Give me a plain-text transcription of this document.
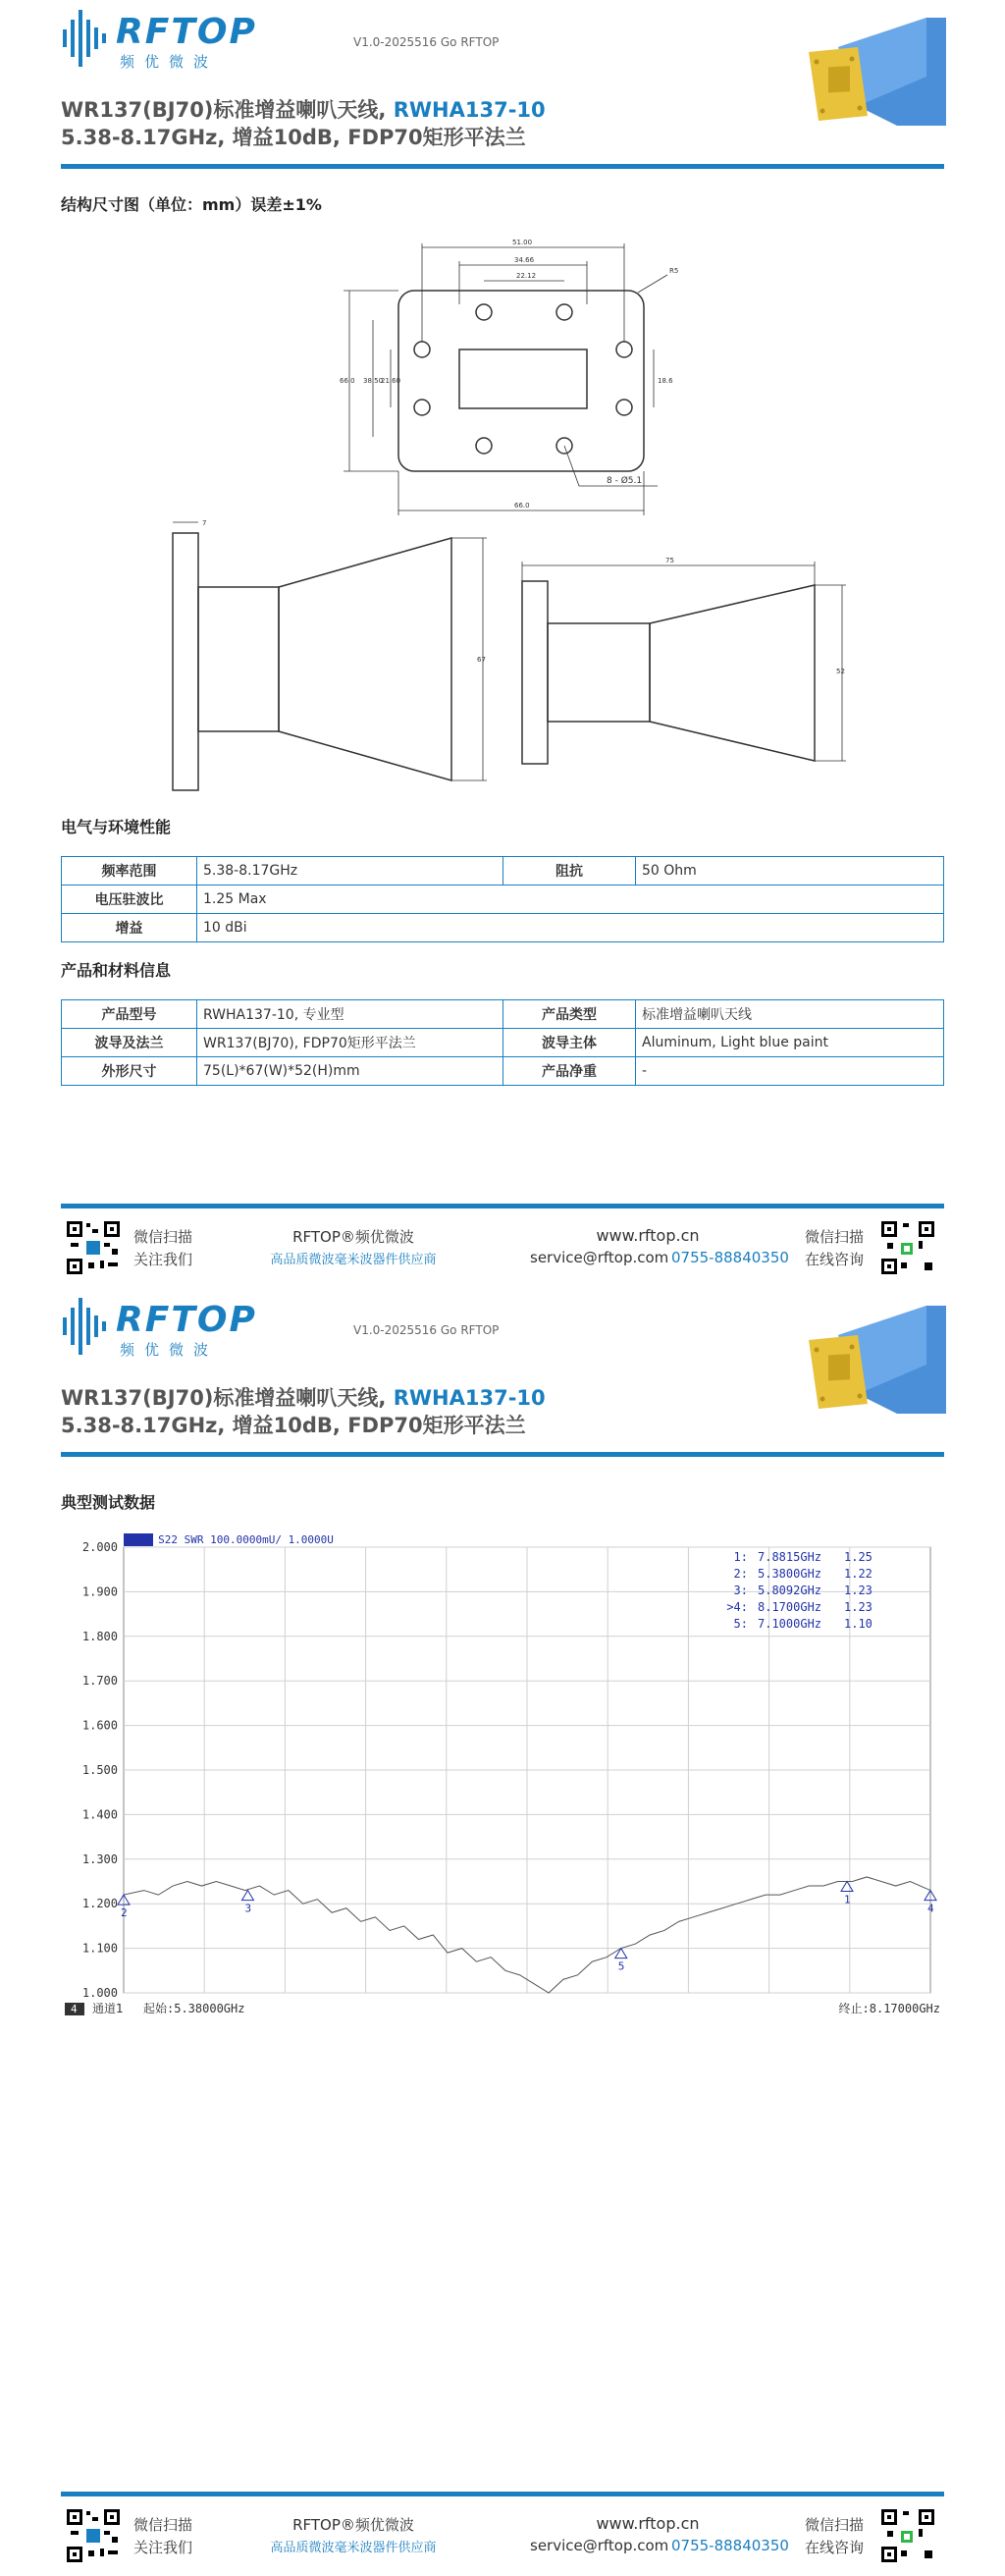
RFTOP
频优微波
V1.0-2025516 Go RFTOP
WR137(BJ70)标准增益喇叭天线, RWHA137-10
5.38-8.17GHz, 增益10dB, FDP70矩形平法兰
结构尺寸图（单位：mm）误差±1%
51.00
34.66
22.12
66.0 38.50
21.60	18.6
R5
8 - Ø5.1
66.0
7
67
75
52
电气与环境性能
频率范围	5.38-8.17GHz	阻抗	50 Ohm
电压驻波比	1.25 Max		
增益	10 dBi		
产品和材料信息
产品型号	RWHA137-10, 专业型	产品类型	标准增益喇叭天线
波导及法兰	WR137(BJ70), FDP70矩形平法兰	波导主体	Aluminum, Light blue paint
外形尺寸	75(L)*67(W)*52(H)mm	产品净重	-
微信扫描
关注我们
RFTOP®频优微波
高品质微波毫米波器件供应商
www.rftop.cn
service@rftop.com 0755-88840350
微信扫描
在线咨询
RFTOP
频优微波
V1.0-2025516 Go RFTOP
WR137(BJ70)标准增益喇叭天线, RWHA137-10
5.38-8.17GHz, 增益10dB, FDP70矩形平法兰
典型测试数据
微信扫描
关注我们
RFTOP®频优微波
高品质微波毫米波器件供应商
www.rftop.cn
service@rftop.com 0755-88840350
微信扫描
在线咨询
2.000
1.900
1.800
1.700
1.600
1.500
1.400
1.300
1.200
1.100
1.000
Tr 4 S22 SWR 100.0000mU/ 1.0000U
1
1: 7.8815GHz 1.25
2
2: 5.3800GHz 1.22
3
3: 5.8092GHz 1.23
4
>4: 8.1700GHz 1.23
5
5: 7.1000GHz 1.10
4 通道1 起始:5.38000GHz	终止:8.17000GHz
